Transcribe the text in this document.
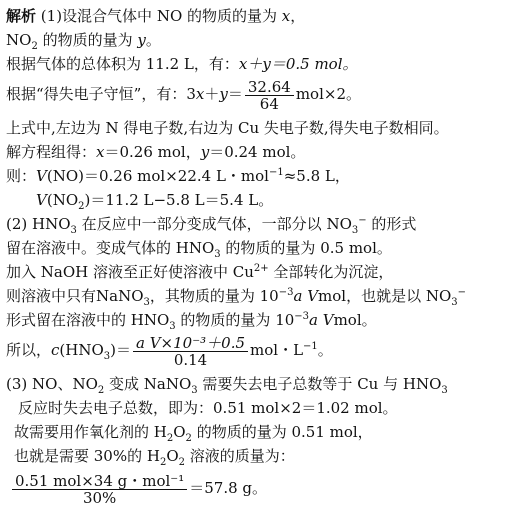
解析 (1)设混合气体中 NO 的物质的量为 x，
$NO_2$ 的物质的量为 y。
根据气体的总体积为 11.2 L，有：x＋y＝0.5 mol。
根据“得失电子守恒”，有：$3x+y= \frac{32.64}{64} mol\times 2$。
上式中,左边为 N 得电子数,右边为 Cu 失电子数,得失电子数相同。
解方程组得：x＝0.26 mol，y＝0.24 mol。
则：V(NO)＝0.26 mol×22.4 L・mol$^{-1}$≈5.8 L，
$V(NO_2)=11.2$ L−5.8 L＝5.4 L。
(2) $HNO_3$ 在反应中一部分变成气体，一部分以 $NO_3^-$ 的形式
留在溶液中。变成气体的 $HNO_3$ 的物质的量为 0.5 mol。
加入 NaOH 溶液至正好使溶液中 $Cu^{2+}$ 全部转化为沉淀，
则溶液中只有NaNO$_3$，其物质的量为 $10^{-3}a$ Vmol，也就是以 $NO_3^-$
形式留在溶液中的 $HNO_3$ 的物质的量为 $10^{-3}a$ Vmol。
所以，$c(HNO_3)= \frac{\text{a V×10⁻³＋0.5}}{0.14}$ mol・$L^{-1}$。
(3) NO、$NO_2$ 变成 NaNO$_3$ 需要失去电子总数等于 Cu 与 $HNO_3$
反应时失去电子总数，即为：0.51 mol×2＝1.02 mol。
故需要用作氧化剂的 $H_2O_2$ 的物质的量为 0.51 mol，
也就是需要 30%的 $H_2O_2$ 溶液的质量为：
$\frac{\text{0.51 mol×34 g・mol⁻¹}}{30\%} =57.8$ g。
